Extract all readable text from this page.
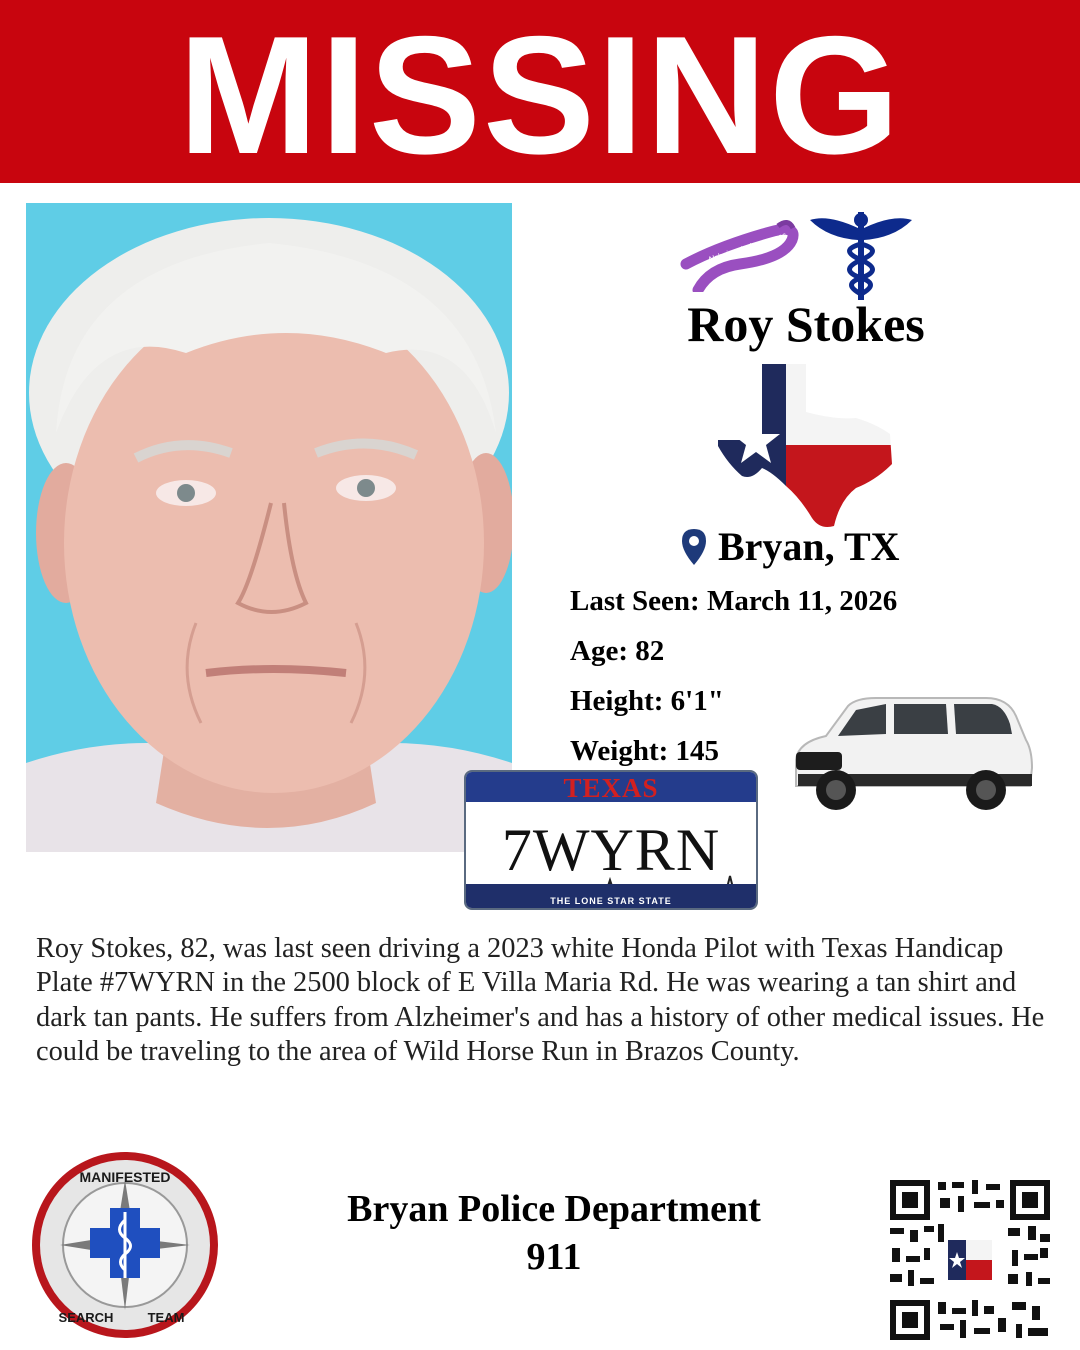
MISSING
Alzheimer's Awareness
Roy Stokes
Bryan, TX
Last Seen: March 11, 2026
Age: 82
Height: 6'1"
Weight: 145
TEXAS
7WYRN
THE LONE STAR STATE
Roy Stokes, 82, was last seen driving a 2023 white Honda Pilot with Texas Handicap Plate #7WYRN in the 2500 block of E Villa Maria Rd. He was wearing a tan shirt and dark tan pants. He suffers from Alzheimer's and has a history of other medical issues. He could be traveling to the area of Wild Horse Run in Brazos County.
MANIFESTED
SEARCH	TEAM
Bryan Police Department
911
